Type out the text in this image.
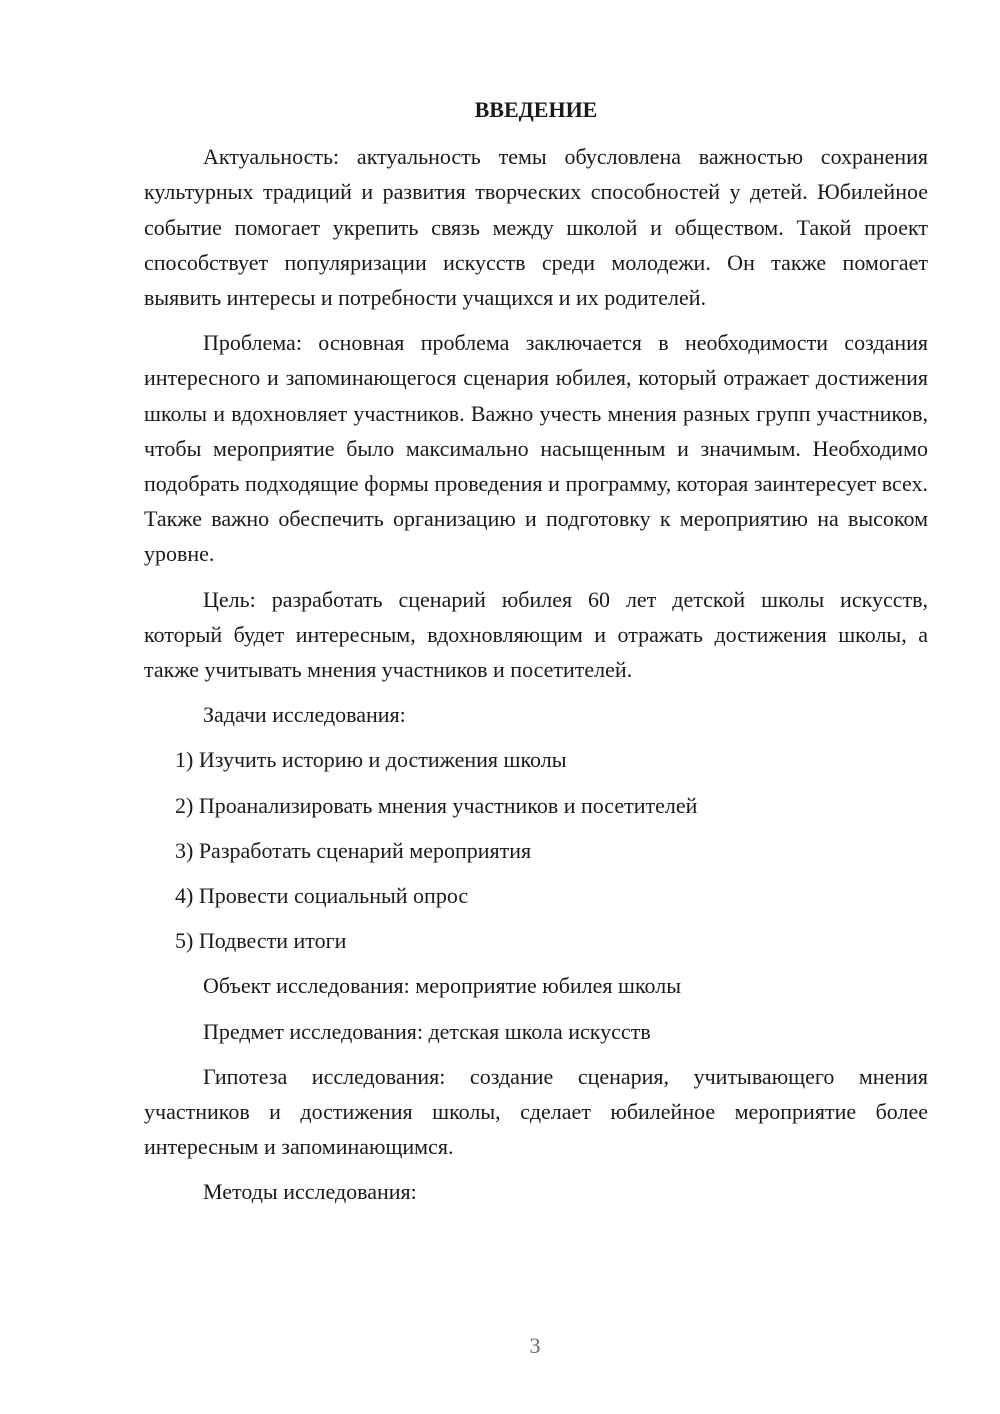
ВВЕДЕНИЕ

Актуальность: актуальность темы обусловлена важностью сохранения культурных традиций и развития творческих способностей у детей. Юбилейное событие помогает укрепить связь между школой и обществом. Такой проект способствует популяризации искусств среди молодежи. Он также помогает выявить интересы и потребности учащихся и их родителей.

Проблема: основная проблема заключается в необходимости создания интересного и запоминающегося сценария юбилея, который отражает достижения школы и вдохновляет участников. Важно учесть мнения разных групп участников, чтобы мероприятие было максимально насыщенным и значимым. Необходимо подобрать подходящие формы проведения и программу, которая заинтересует всех. Также важно обеспечить организацию и подготовку к мероприятию на высоком уровне.

Цель: разработать сценарий юбилея 60 лет детской школы искусств, который будет интересным, вдохновляющим и отражать достижения школы, а также учитывать мнения участников и посетителей.

Задачи исследования:

1) Изучить историю и достижения школы
2) Проанализировать мнения участников и посетителей
3) Разработать сценарий мероприятия
4) Провести социальный опрос
5) Подвести итоги

Объект исследования: мероприятие юбилея школы

Предмет исследования: детская школа искусств

Гипотеза исследования: создание сценария, учитывающего мнения участников и достижения школы, сделает юбилейное мероприятие более интересным и запоминающимся.

Методы исследования:

3
